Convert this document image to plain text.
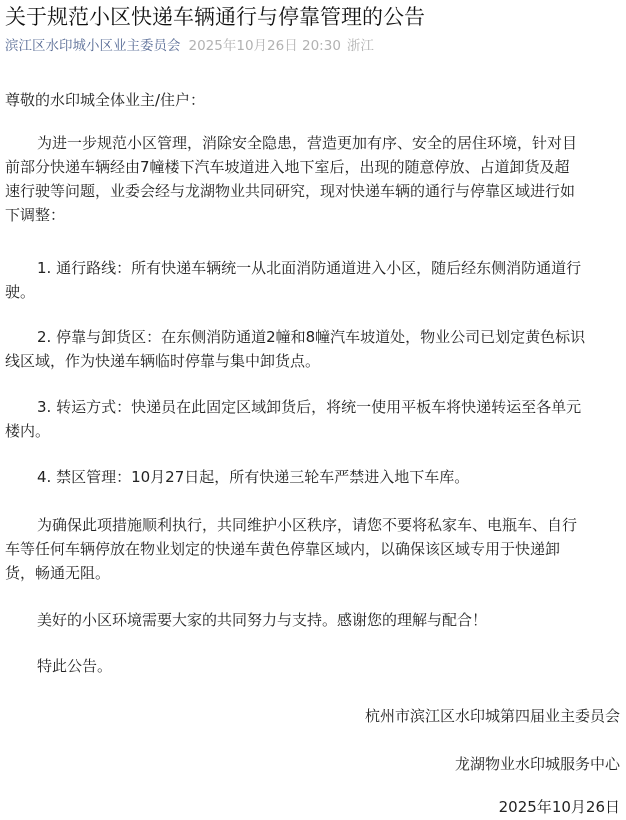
关于规范小区快递车辆通行与停靠管理的公告
滨江区水印城小区业主委员会 2025年10月26日 20:30 浙江
尊敬的水印城全体业主/住户：
为进一步规范小区管理，消除安全隐患，营造更加有序、安全的居住环境，针对目
前部分快递车辆经由7幢楼下汽车坡道进入地下室后，出现的随意停放、占道卸货及超
速行驶等问题，业委会经与龙湖物业共同研究，现对快递车辆的通行与停靠区域进行如
下调整：
1. 通行路线：所有快递车辆统一从北面消防通道进入小区，随后经东侧消防通道行
驶。
2. 停靠与卸货区：在东侧消防通道2幢和8幢汽车坡道处，物业公司已划定黄色标识
线区域，作为快递车辆临时停靠与集中卸货点。
3. 转运方式：快递员在此固定区域卸货后，将统一使用平板车将快递转运至各单元
楼内。
4. 禁区管理：10月27日起，所有快递三轮车严禁进入地下车库。
为确保此项措施顺利执行，共同维护小区秩序，请您不要将私家车、电瓶车、自行
车等任何车辆停放在物业划定的快递车黄色停靠区域内，以确保该区域专用于快递卸
货，畅通无阻。
美好的小区环境需要大家的共同努力与支持。感谢您的理解与配合！
特此公告。
杭州市滨江区水印城第四届业主委员会
龙湖物业水印城服务中心
2025年10月26日
